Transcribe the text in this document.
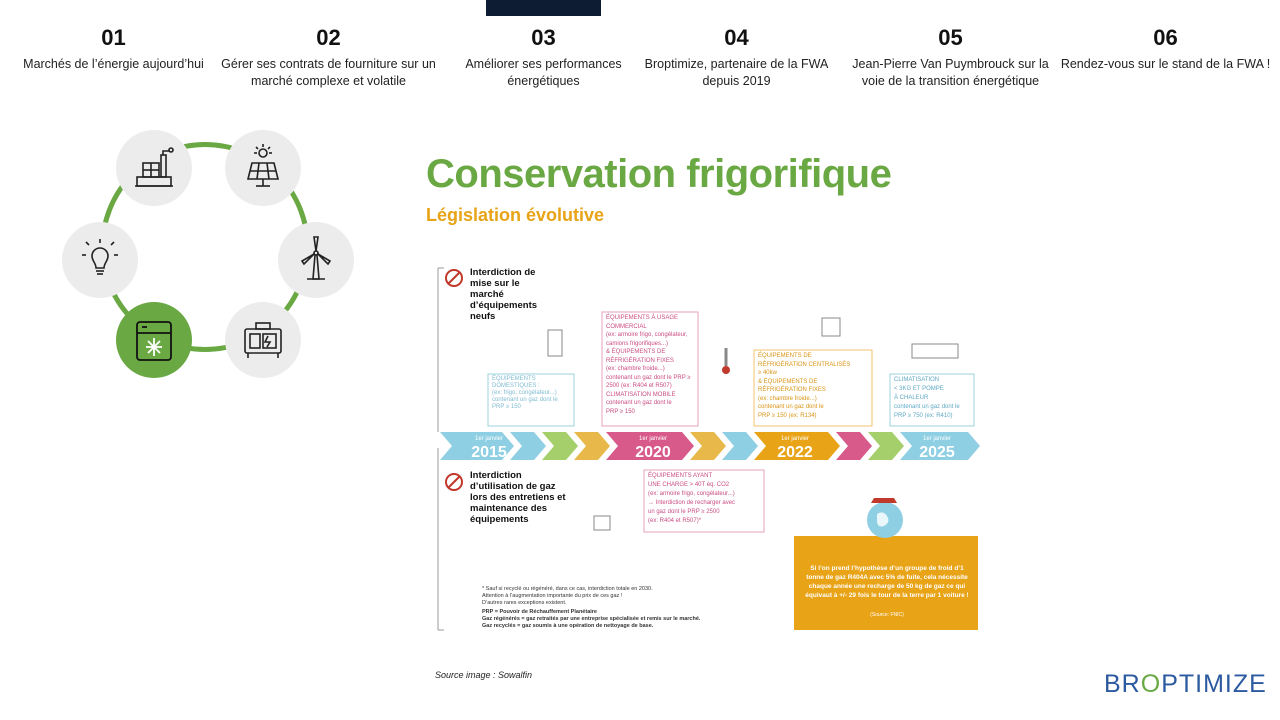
01
Marchés de l’énergie aujourd’hui
02
Gérer ses contrats de fourniture sur un marché complexe et volatile
03
Améliorer ses performances énergétiques
04
Broptimize, partenaire de la FWA depuis 2019
05
Jean-Pierre Van Puymbrouck sur la voie de la transition énergétique
06
Rendez-vous sur le stand de la FWA !
Conservation frigorifique
Législation évolutive
Interdiction de mise sur le marché d’équipements neufs
Interdiction d’utilisation de gaz lors des entretiens et maintenance des équipements
1er janvier
2015
1er janvier
2020
1er janvier
2022
1er janvier
2025
ÉQUIPEMENTS
DOMESTIQUES :
(ex: frigo, congélateur...)
contenant un gaz dont le
PRP ≥ 150
ÉQUIPEMENTS À USAGE
COMMERCIAL
(ex: armoire frigo, congélateur,
camions frigorifiques...)
& ÉQUIPEMENTS DE
RÉFRIGÉRATION FIXES
(ex: chambre froide...)
contenant un gaz dont le PRP ≥
2500 (ex: R404 et R507)
CLIMATISATION MOBILE
contenant un gaz dont le
PRP ≥ 150
ÉQUIPEMENTS DE
RÉFRIGÉRATION CENTRALISÉS
≥ 40kw
& ÉQUIPEMENTS DE
RÉFRIGÉRATION FIXES
(ex: chambre froide...)
contenant un gaz dont le
PRP ≥ 150 (ex: R134)
CLIMATISATION
< 3KG ET POMPE
À CHALEUR
contenant un gaz dont le
PRP ≥ 750 (ex: R410)
ÉQUIPEMENTS AYANT
UNE CHARGE > 40T éq. CO2
(ex: armoire frigo, congélateur...)
→ Interdiction de recharger avec
un gaz dont le PRP ≥ 2500
(ex: R404 et R507)*
* Sauf si recyclé ou régénéré, dans ce cas, interdiction totale en 2030.
Attention à l’augmentation importante du prix de ces gaz !
D’autres rares exceptions existent.
PRP = Pouvoir de Réchauffement Planétaire
Gaz régénérés = gaz retraités par une entreprise spécialisée et remis sur le marché.
Gaz recyclés = gaz soumis à une opération de nettoyage de base.
Si l’on prend l’hypothèse d’un groupe de froid d’1 tonne de gaz R404A avec 5% de fuite, cela nécessite chaque année une recharge de 50 kg de gaz ce qui équivaut à +/- 29 fois le tour de la terre par 1 voiture !
(Source: FNIC)
Source image : Sowalfin	BROPTIMIZE
